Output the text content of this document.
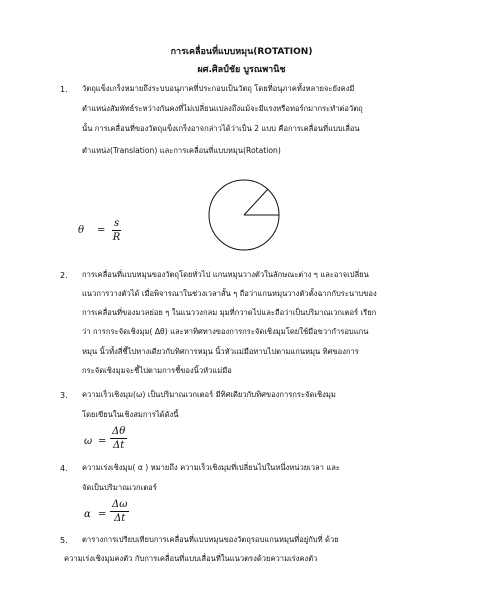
การเคลื่อนที่แบบหมุน(ROTATION)
ผศ.ศิลป์ชัย บูรณพานิช
1. วัตถุแข็งเกร็งหมายถึงระบบอนุภาคที่ประกอบเป็นวัตถุ โดยที่อนุภาคทั้งหลายจะยังคงมี
ตำแหน่งสัมพัทธ์ระหว่างกันคงที่ไม่เปลี่ยนแปลงถึงแม้จะมีแรงหรือทอร์กมากระทำต่อวัตถุ
นั้น การเคลื่อนที่ของวัตถุแข็งเกร็งอาจกล่าวได้ว่าเป็น 2 แบบ คือการเคลื่อนที่แบบเลื่อน
ตำแหน่ง(Translation) และการเคลื่อนที่แบบหมุน(Rotation)
$\theta = \frac{s}{R}$
2. การเคลื่อนที่แบบหมุนของวัตถุโดยทั่วไป แกนหมุนวางตัวในลักษณะต่าง ๆ และอาจเปลี่ยน
แนวการวางตัวได้ เมื่อพิจารณาในช่วงเวลาสั้น ๆ ถือว่าแกนหมุนวางตัวตั้งฉากกับระนาบของ
การเคลื่อนที่ของมวลย่อย ๆ ในแนววงกลม มุมที่กวาดไปและถือว่าเป็นปริมาณเวกเตอร์ เรียก
ว่า การกระจัดเชิงมุม( Δθ) และหาทิศทางของการกระจัดเชิงมุมโดยใช้มือขวากำรอบแกน
หมุน นิ้วทั้งสี่ชี้ไปทางเดียวกับทิศการหมุน นิ้วหัวแม่มือทาบไปตามแกนหมุน ทิศของการ
กระจัดเชิงมุมจะชี้ไปตามการชี้ของนิ้วหัวแม่มือ
3. ความเร็วเชิงมุม(ω) เป็นปริมาณเวกเตอร์ มีทิศเดียวกับทิศของการกระจัดเชิงมุม
โดยเขียนในเชิงสมการได้ดังนี้
$\omega = \frac{\Delta\theta}{\Delta t}$
4. ความเร่งเชิงมุม( α ) หมายถึง ความเร็วเชิงมุมที่เปลี่ยนไปในหนึ่งหน่วยเวลา และ
จัดเป็นปริมาณเวกเตอร์
$\alpha = \frac{\Delta\omega}{\Delta t}$
5. ตารางการเปรียบเทียบการเคลื่อนที่แบบหมุนของวัตถุรอบแกนหมุนที่อยู่กับที่ ด้วย
ความเร่งเชิงมุมคงตัว กับการเคลื่อนที่แบบเลื่อนที่ในแนวตรงด้วยความเร่งคงตัว
